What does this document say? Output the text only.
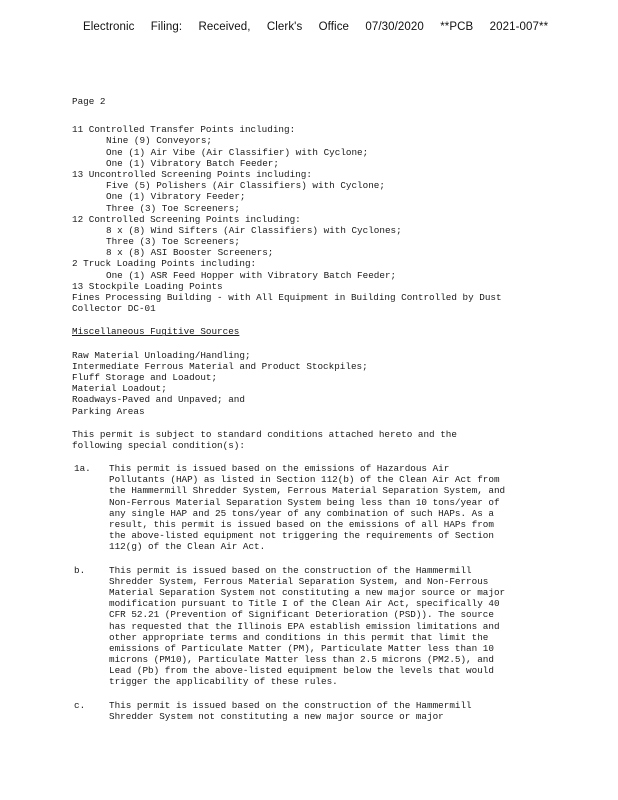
Electronic Filing: Received, Clerk's Office 07/30/2020 **PCB 2021-007**
Page 2
11 Controlled Transfer Points including:
Nine (9) Conveyors;
One (1) Air Vibe (Air Classifier) with Cyclone;
One (1) Vibratory Batch Feeder;
13 Uncontrolled Screening Points including:
Five (5) Polishers (Air Classifiers) with Cyclone;
One (1) Vibratory Feeder;
Three (3) Toe Screeners;
12 Controlled Screening Points including:
8 x (8) Wind Sifters (Air Classifiers) with Cyclones;
Three (3) Toe Screeners;
8 x (8) ASI Booster Screeners;
2 Truck Loading Points including:
One (1) ASR Feed Hopper with Vibratory Batch Feeder;
13 Stockpile Loading Points
Fines Processing Building - with All Equipment in Building Controlled by Dust
Collector DC-01
Miscellaneous Fugitive Sources
Raw Material Unloading/Handling;
Intermediate Ferrous Material and Product Stockpiles;
Fluff Storage and Loadout;
Material Loadout;
Roadways-Paved and Unpaved; and
Parking Areas
This permit is subject to standard conditions attached hereto and the
following special condition(s):
1a. This permit is issued based on the emissions of Hazardous Air
Pollutants (HAP) as listed in Section 112(b) of the Clean Air Act from
the Hammermill Shredder System, Ferrous Material Separation System, and
Non-Ferrous Material Separation System being less than 10 tons/year of
any single HAP and 25 tons/year of any combination of such HAPs. As a
result, this permit is issued based on the emissions of all HAPs from
the above-listed equipment not triggering the requirements of Section
112(g) of the Clean Air Act.
b.	This permit is issued based on the construction of the Hammermill
Shredder System, Ferrous Material Separation System, and Non-Ferrous
Material Separation System not constituting a new major source or major
modification pursuant to Title I of the Clean Air Act, specifically 40
CFR 52.21 (Prevention of Significant Deterioration (PSD)). The source
has requested that the Illinois EPA establish emission limitations and
other appropriate terms and conditions in this permit that limit the
emissions of Particulate Matter (PM), Particulate Matter less than 10
microns (PM10), Particulate Matter less than 2.5 microns (PM2.5), and
Lead (Pb) from the above-listed equipment below the levels that would
trigger the applicability of these rules.
c.	This permit is issued based on the construction of the Hammermill
Shredder System not constituting a new major source or major
